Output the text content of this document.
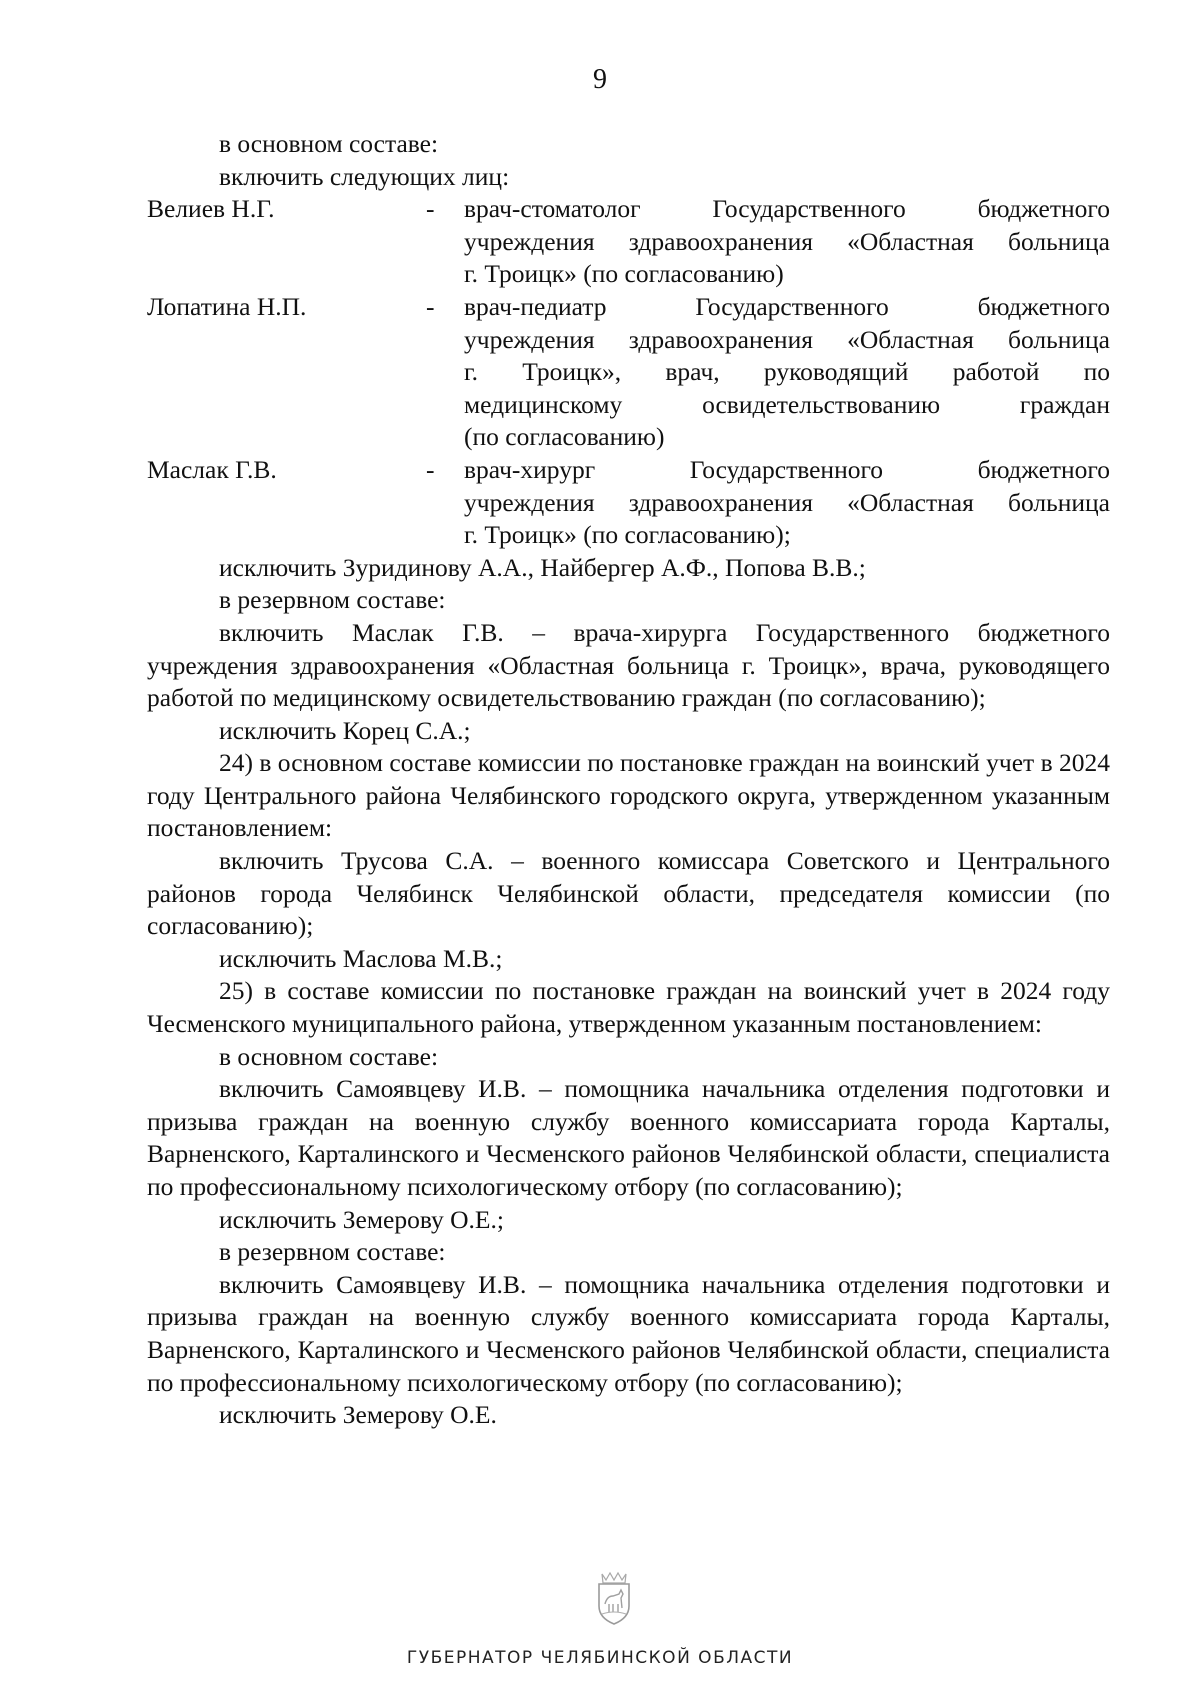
9

в основном составе:

включить следующих лиц:

Велиев Н.Г.	-	врач-стоматолог Государственного бюджетного
учреждения здравоохранения «Областная больница
г. Троицк» (по согласованию)
Лопатина Н.П.	-	врач-педиатр Государственного бюджетного
учреждения здравоохранения «Областная больница
г. Троицк», врач, руководящий работой по
медицинскому освидетельствованию граждан
(по согласованию)
Маслак Г.В.	-	врач-хирург Государственного бюджетного
учреждения здравоохранения «Областная больница
г. Троицк» (по согласованию);

исключить Зуридинову А.А., Найбергер А.Ф., Попова В.В.;

в резервном составе:

включить Маслак Г.В. – врача-хирурга Государственного бюджетного учреждения здравоохранения «Областная больница г. Троицк», врача, руководящего работой по медицинскому освидетельствованию граждан (по согласованию);

исключить Корец С.А.;

24) в основном составе комиссии по постановке граждан на воинский учет в 2024 году Центрального района Челябинского городского округа, утвержденном указанным постановлением:

включить Трусова С.А. – военного комиссара Советского и Центрального районов города Челябинск Челябинской области, председателя комиссии (по согласованию);

исключить Маслова М.В.;

25) в составе комиссии по постановке граждан на воинский учет в 2024 году Чесменского муниципального района, утвержденном указанным постановлением:

в основном составе:

включить Самоявцеву И.В. – помощника начальника отделения подготовки и призыва граждан на военную службу военного комиссариата города Карталы, Варненского, Карталинского и Чесменского районов Челябинской области, специалиста по профессиональному психологическому отбору (по согласованию);

исключить Земерову О.Е.;

в резервном составе:

включить Самоявцеву И.В. – помощника начальника отделения подготовки и призыва граждан на военную службу военного комиссариата города Карталы, Варненского, Карталинского и Чесменского районов Челябинской области, специалиста по профессиональному психологическому отбору (по согласованию);

исключить Земерову О.Е.

ГУБЕРНАТОР ЧЕЛЯБИНСКОЙ ОБЛАСТИ
